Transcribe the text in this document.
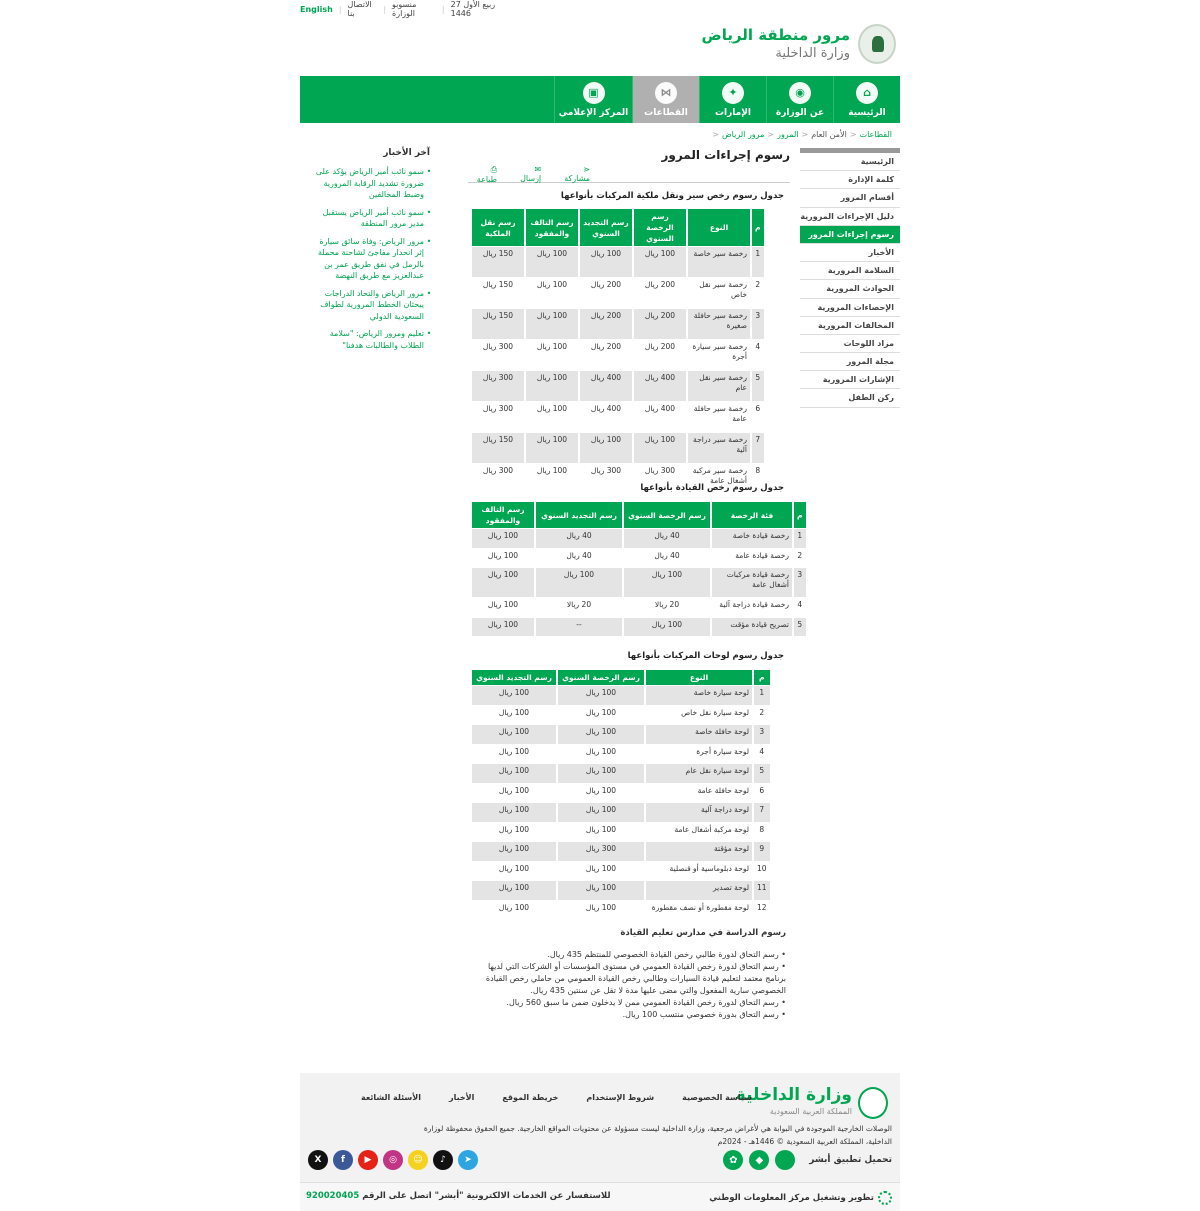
English | الاتصال بنا	| منسوبو الوزارة	| 27 ربيع الأول 1446
مرور منطقة الرياض
وزارة الداخلية
⌂
الرئيسية
◉
عن الوزارة
✦
الإمارات
⋈
القطاعات
▣
المركز الإعلامي
القطاعات<الأمن العام<المرور<مرور الرياض<
الرئيسية
كلمة الإدارة
أقسام المرور
دليل الإجراءات المرورية
رسوم إجراءات المرور
الأخبار
السلامة المرورية
الحوادث المرورية
الإحصاءات المرورية
المخالفات المرورية
مزاد اللوحات
مجلة المرور
الإشارات المرورية
ركن الطفل
آخر الأخبار
•
سمو نائب أمير الرياض يؤكد على ضرورة تشديد الرقابة المرورية وضبط المخالفين
•
سمو نائب أمير الرياض يستقبل مدير مرور المنطقة
•
مرور الرياض: وفاة سائق سيارة إثر انحدار مفاجئ لشاحنة محملة بالرمل في نفق طريق عمر بن عبدالعزيز مع طريق النهضة
•
مرور الرياض والتحاد الدراجات يبحثان الخطط المرورية لطواف السعودية الدولي
•
تعليم ومرور الرياض: "سلامة الطلاب والطالبات هدفنا"
رسوم إجراءات المرور
⎙ طباعة
✉ إرسال
⋖ مشاركة
جدول رسوم رخص سير ونقل ملكية المركبات بأنواعها
م	النوع	رسم الرخصة السنوي	رسم التجديد السنوي	رسم التالف والمفقود	رسم نقل الملكية
1	رخصة سير خاصة	100 ريال	100 ريال	100 ريال	150 ريال
2	رخصة سير نقل خاص	200 ريال	200 ريال	100 ريال	150 ريال
3	رخصة سير حافلة صغيرة	200 ريال	200 ريال	100 ريال	150 ريال
4	رخصة سير سيارة أجرة	200 ريال	200 ريال	100 ريال	300 ريال
5	رخصة سير نقل عام	400 ريال	400 ريال	100 ريال	300 ريال
6	رخصة سير حافلة عامة	400 ريال	400 ريال	100 ريال	300 ريال
7	رخصة سير دراجة آلية	100 ريال	100 ريال	100 ريال	150 ريال
8	رخصة سير مركبة أشغال عامة	300 ريال	300 ريال	100 ريال	300 ريال
جدول رسوم رخص القيادة بأنواعها
م	فئة الرخصة	رسم الرخصة السنوي	رسم التجديد السنوي	رسم التالف والمفقود
1	رخصة قيادة خاصة	40 ريال	40 ريال	100 ريال
2	رخصة قيادة عامة	40 ريال	40 ريال	100 ريال
3	رخصة قيادة مركبات أشغال عامة	100 ريال	100 ريال	100 ريال
4	رخصة قيادة دراجة آلية	20 ريالا	20 ريالا	100 ريال
5	تصريح قيادة مؤقت	100 ريال	--	100 ريال
جدول رسوم لوحات المركبات بأنواعها
م	النوع	رسم الرخصة السنوي	رسم التجديد السنوي
1	لوحة سيارة خاصة	100 ريال	100 ريال
2	لوحة سيارة نقل خاص	100 ريال	100 ريال
3	لوحة حافلة خاصة	100 ريال	100 ريال
4	لوحة سيارة أجرة	100 ريال	100 ريال
5	لوحة سيارة نقل عام	100 ريال	100 ريال
6	لوحة حافلة عامة	100 ريال	100 ريال
7	لوحة دراجة آلية	100 ريال	100 ريال
8	لوحة مركبة أشغال عامة	100 ريال	100 ريال
9	لوحة مؤقتة	300 ريال	100 ريال
10	لوحة دبلوماسية أو قنصلية	100 ريال	100 ريال
11	لوحة تصدير	100 ريال	100 ريال
12	لوحة مقطورة أو نصف مقطورة	100 ريال	100 ريال
رسوم الدراسة في مدارس تعليم القيادة
• رسم التحاق لدورة طالبي رخص القيادة الخصوصي للمنتظم 435 ريال.
• رسم التحاق لدورة رخص القيادة العمومي في مستوى المؤسسات أو الشركات التي لديها برنامج معتمد لتعليم قيادة السيارات وطالبي رخص القيادة العمومي من حاملي رخص القيادة الخصوصي سارية المفعول والتي مضى عليها مدة لا تقل عن سنتين 435 ريال.
• رسم التحاق لدورة رخص القيادة العمومي ممن لا يدخلون ضمن ما سبق 560 ريال.
• رسم التحاق بدورة خصوصي منتسب 100 ريال.
وزارة الداخلية
المملكة العربية السعودية
سياسة الخصوصية
شروط الإستخدام
خريطة الموقع
الأخبار
الأسئلة الشائعة
الوصلات الخارجية الموجودة في البوابة هي لأغراض مرجعية، وزارة الداخلية ليست مسؤولة عن محتويات المواقع الخارجية. جميع الحقوق محفوظة لوزارة الداخلية، المملكة العربية السعودية © 1446هـ - 2024م
تحميل تطبيق أبشر
◆
✿
X	f	▶	◎	☺	♪	➤
تطوير وتشغيل مركز المعلومات الوطني
للاستفسار عن الخدمات الالكترونية "أبشر" اتصل على الرقم 920020405
